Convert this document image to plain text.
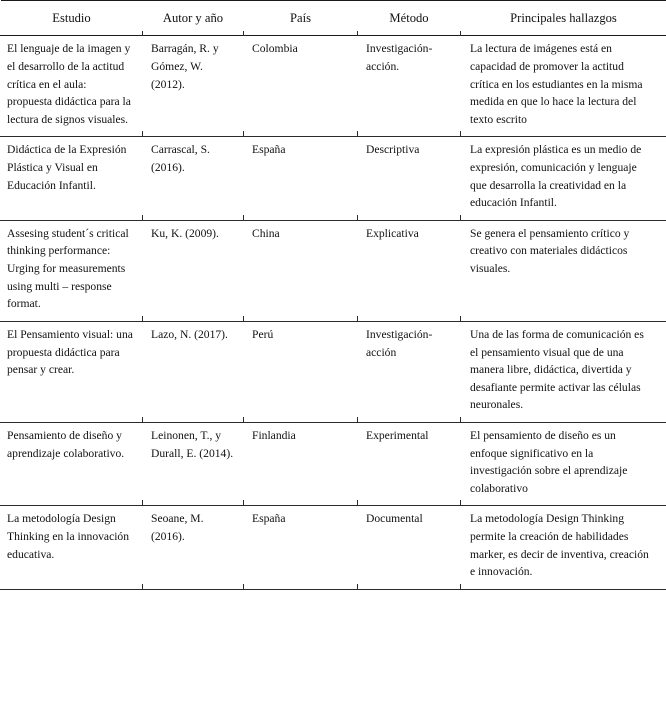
Estudio	Autor y año	País	Método	Principales hallazgos

El lenguaje de la imagen y el desarrollo de la actitud crítica en el aula: propuesta didáctica para la lectura de signos visuales.	Barragán, R. y Gómez, W. (2012).	Colombia	Investigación-acción.	La lectura de imágenes está en capacidad de promover la actitud crítica en los estudiantes en la misma medida en que lo hace la lectura del texto escrito

Didáctica de la Expresión Plástica y Visual en Educación Infantil.	Carrascal, S. (2016).	España	Descriptiva	La expresión plástica es un medio de expresión, comunicación y lenguaje que desarrolla la creatividad en la educación Infantil.

Assesing student´s critical thinking performance: Urging for measurements using multi – response format.	Ku, K. (2009).	China	Explicativa	Se genera el pensamiento crítico y creativo con materiales didácticos visuales.

El Pensamiento visual: una propuesta didáctica para pensar y crear.	Lazo, N. (2017).	Perú	Investigación-acción	Una de las forma de comunicación es el pensamiento visual que de una manera libre, didáctica, divertida y desafiante permite activar las células neuronales.

Pensamiento de diseño y aprendizaje colaborativo.	Leinonen, T., y Durall, E. (2014).	Finlandia	Experimental	El pensamiento de diseño es un enfoque significativo en la investigación sobre el aprendizaje colaborativo

La metodología Design Thinking en la innovación educativa.	Seoane, M. (2016).	España	Documental	La metodología Design Thinking permite la creación de habilidades marker, es decir de inventiva, creación e innovación.
